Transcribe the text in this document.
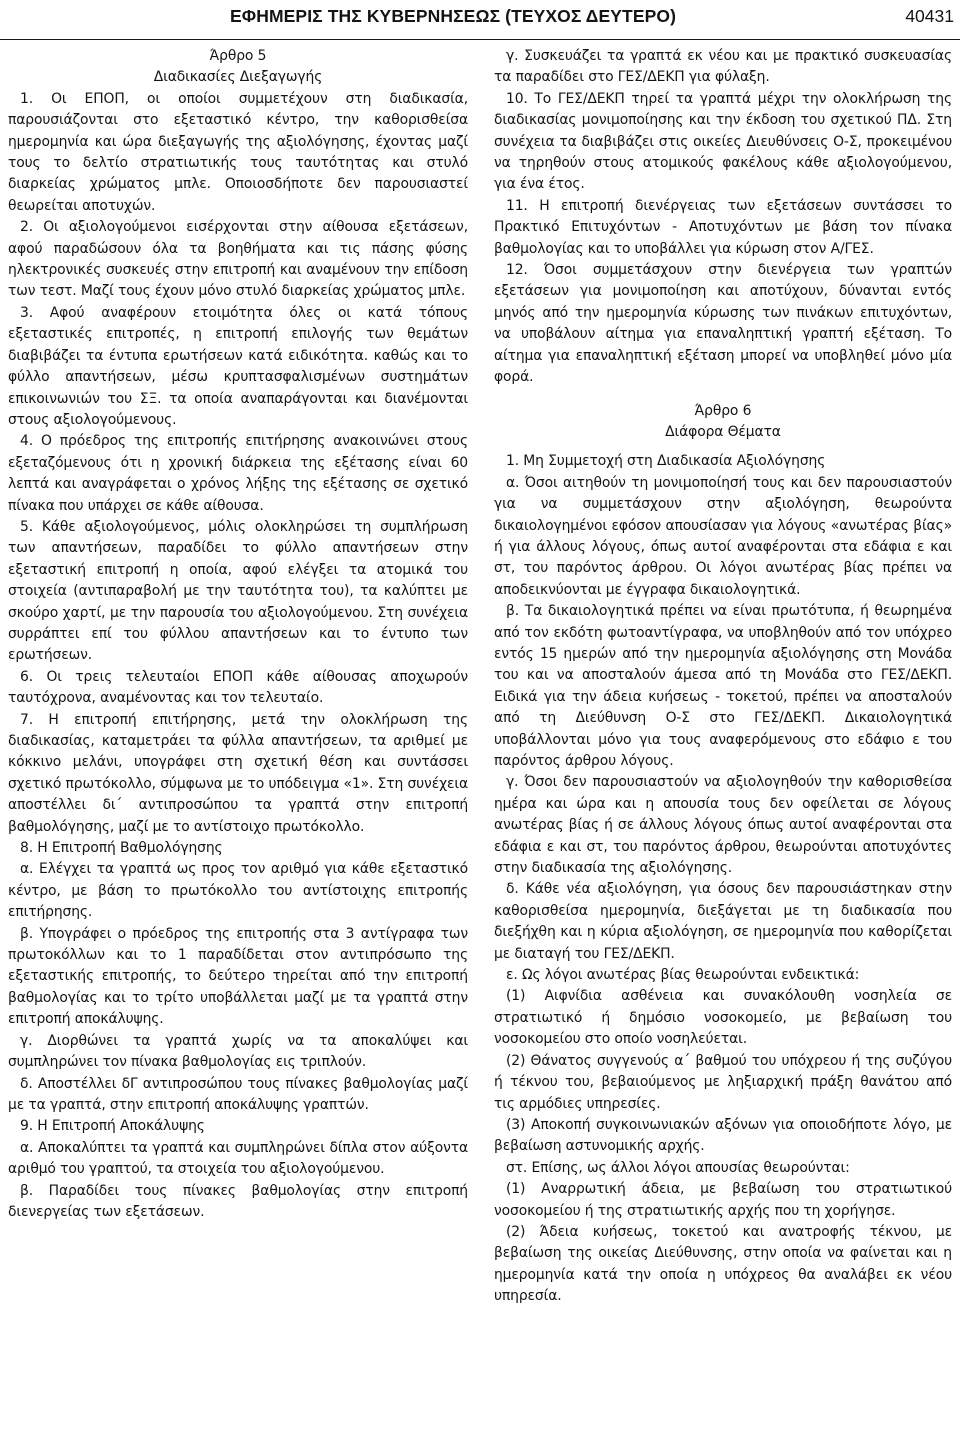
ΕΦΗΜΕΡΙΣ ΤΗΣ ΚΥΒΕΡΝΗΣΕΩΣ (ΤΕΥΧΟΣ ΔΕΥΤΕΡΟ)	40431

Άρθρο 5

Διαδικασίες Διεξαγωγής

1. Οι ΕΠΟΠ, οι οποίοι συμμετέχουν στη διαδικασία, παρουσιάζονται στο εξεταστικό κέντρο, την καθορισθείσα ημερομηνία και ώρα διεξαγωγής της αξιολόγησης, έχοντας μαζί τους το δελτίο στρατιωτικής τους ταυτότητας και στυλό διαρκείας χρώματος μπλε. Οποιοσδήποτε δεν παρουσιαστεί θεωρείται αποτυχών.

2. Οι αξιολογούμενοι εισέρχονται στην αίθουσα εξετάσεων, αφού παραδώσουν όλα τα βοηθήματα και τις πάσης φύσης ηλεκτρονικές συσκευές στην επιτροπή και αναμένουν την επίδοση των τεστ. Μαζί τους έχουν μόνο στυλό διαρκείας χρώματος μπλε.

3. Αφού αναφέρουν ετοιμότητα όλες οι κατά τόπους εξεταστικές επιτροπές, η επιτροπή επιλογής των θεμάτων διαβιβάζει τα έντυπα ερωτήσεων κατά ειδικότητα. καθώς και το φύλλο απαντήσεων, μέσω κρυπτασφαλισμένων συστημάτων επικοινωνιών του ΣΞ. τα οποία αναπαράγονται και διανέμονται στους αξιολογούμενους.

4. Ο πρόεδρος της επιτροπής επιτήρησης ανακοινώνει στους εξεταζόμενους ότι η χρονική διάρκεια της εξέτασης είναι 60 λεπτά και αναγράφεται ο χρόνος λήξης της εξέτασης σε σχετικό πίνακα που υπάρχει σε κάθε αίθουσα.

5. Κάθε αξιολογούμενος, μόλις ολοκληρώσει τη συμπλήρωση των απαντήσεων, παραδίδει το φύλλο απαντήσεων στην εξεταστική επιτροπή η οποία, αφού ελέγξει τα ατομικά του στοιχεία (αντιπαραβολή με την ταυτότητα του), τα καλύπτει με σκούρο χαρτί, με την παρουσία του αξιολογούμενου. Στη συνέχεια συρράπτει επί του φύλλου απαντήσεων και το έντυπο των ερωτήσεων.

6. Οι τρεις τελευταίοι ΕΠΟΠ κάθε αίθουσας αποχωρούν ταυτόχρονα, αναμένοντας και τον τελευταίο.

7. Η επιτροπή επιτήρησης, μετά την ολοκλήρωση της διαδικασίας, καταμετράει τα φύλλα απαντήσεων, τα αριθμεί με κόκκινο μελάνι, υπογράφει στη σχετική θέση και συντάσσει σχετικό πρωτόκολλο, σύμφωνα με το υπόδειγμα «1». Στη συνέχεια αποστέλλει δι΄ αντιπροσώπου τα γραπτά στην επιτροπή βαθμολόγησης, μαζί με το αντίστοιχο πρωτόκολλο.

8. Η Επιτροπή Βαθμολόγησης

α. Ελέγχει τα γραπτά ως προς τον αριθμό για κάθε εξεταστικό κέντρο, με βάση το πρωτόκολλο του αντίστοιχης επιτροπής επιτήρησης.

β. Υπογράφει ο πρόεδρος της επιτροπής στα 3 αντίγραφα των πρωτοκόλλων και το 1 παραδίδεται στον αντιπρόσωπο της εξεταστικής επιτροπής, το δεύτερο τηρείται από την επιτροπή βαθμολογίας και το τρίτο υποβάλλεται μαζί με τα γραπτά στην επιτροπή αποκάλυψης.

γ. Διορθώνει τα γραπτά χωρίς να τα αποκαλύψει και συμπληρώνει τον πίνακα βαθμολογίας εις τριπλούν.

δ. Αποστέλλει δΓ αντιπροσώπου τους πίνακες βαθμολογίας μαζί με τα γραπτά, στην επιτροπή αποκάλυψης γραπτών.

9. Η Επιτροπή Αποκάλυψης

α. Αποκαλύπτει τα γραπτά και συμπληρώνει δίπλα στον αύξοντα αριθμό του γραπτού, τα στοιχεία του αξιολογούμενου.

β. Παραδίδει τους πίνακες βαθμολογίας στην επιτροπή διενεργείας των εξετάσεων.

γ. Συσκευάζει τα γραπτά εκ νέου και με πρακτικό συσκευασίας τα παραδίδει στο ΓΕΣ/ΔΕΚΠ για φύλαξη.

10. Το ΓΕΣ/ΔΕΚΠ τηρεί τα γραπτά μέχρι την ολοκλήρωση της διαδικασίας μονιμοποίησης και την έκδοση του σχετικού ΠΔ. Στη συνέχεια τα διαβιβάζει στις οικείες Διευθύνσεις Ο-Σ, προκειμένου να τηρηθούν στους ατομικούς φακέλους κάθε αξιολογούμενου, για ένα έτος.

11. Η επιτροπή διενέργειας των εξετάσεων συντάσσει το Πρακτικό Επιτυχόντων - Αποτυχόντων με βάση τον πίνακα βαθμολογίας και το υποβάλλει για κύρωση στον Α/ΓΕΣ.

12. Όσοι συμμετάσχουν στην διενέργεια των γραπτών εξετάσεων για μονιμοποίηση και αποτύχουν, δύνανται εντός μηνός από την ημερομηνία κύρωσης των πινάκων επιτυχόντων, να υποβάλουν αίτημα για επαναληπτική γραπτή εξέταση. Το αίτημα για επαναληπτική εξέταση μπορεί να υποβληθεί μόνο μία φορά.

Άρθρο 6

Διάφορα Θέματα

1. Μη Συμμετοχή στη Διαδικασία Αξιολόγησης

α. Όσοι αιτηθούν τη μονιμοποίησή τους και δεν παρουσιαστούν για να συμμετάσχουν στην αξιολόγηση, θεωρούντα δικαιολογημένοι εφόσον απουσίασαν για λόγους «ανωτέρας βίας» ή για άλλους λόγους, όπως αυτοί αναφέρονται στα εδάφια ε και στ, του παρόντος άρθρου. Οι λόγοι ανωτέρας βίας πρέπει να αποδεικνύονται με έγγραφα δικαιολογητικά.

β. Τα δικαιολογητικά πρέπει να είναι πρωτότυπα, ή θεωρημένα από τον εκδότη φωτοαντίγραφα, να υποβληθούν από τον υπόχρεο εντός 15 ημερών από την ημερομηνία αξιολόγησης στη Μονάδα του και να αποσταλούν άμεσα από τη Μονάδα στο ΓΕΣ/ΔΕΚΠ. Ειδικά για την άδεια κυήσεως - τοκετού, πρέπει να αποσταλούν από τη Διεύθυνση Ο-Σ στο ΓΕΣ/ΔΕΚΠ. Δικαιολογητικά υποβάλλονται μόνο για τους αναφερόμενους στο εδάφιο ε του παρόντος άρθρου λόγους.

γ. Όσοι δεν παρουσιαστούν να αξιολογηθούν την καθορισθείσα ημέρα και ώρα και η απουσία τους δεν οφείλεται σε λόγους ανωτέρας βίας ή σε άλλους λόγους όπως αυτοί αναφέρονται στα εδάφια ε και στ, του παρόντος άρθρου, θεωρούνται αποτυχόντες στην διαδικασία της αξιολόγησης.

δ. Κάθε νέα αξιολόγηση, για όσους δεν παρουσιάστηκαν στην καθορισθείσα ημερομηνία, διεξάγεται με τη διαδικασία που διεξήχθη και η κύρια αξιολόγηση, σε ημερομηνία που καθορίζεται με διαταγή του ΓΕΣ/ΔΕΚΠ.

ε. Ως λόγοι ανωτέρας βίας θεωρούνται ενδεικτικά:

(1) Αιφνίδια ασθένεια και συνακόλουθη νοσηλεία σε στρατιωτικό ή δημόσιο νοσοκομείο, με βεβαίωση του νοσοκομείου στο οποίο νοσηλεύεται.

(2) Θάνατος συγγενούς α΄ βαθμού του υπόχρεου ή της συζύγου ή τέκνου του, βεβαιούμενος με ληξιαρχική πράξη θανάτου από τις αρμόδιες υπηρεσίες.

(3) Αποκοπή συγκοινωνιακών αξόνων για οποιοδήποτε λόγο, με βεβαίωση αστυνομικής αρχής.

στ. Επίσης, ως άλλοι λόγοι απουσίας θεωρούνται:

(1) Αναρρωτική άδεια, με βεβαίωση του στρατιωτικού νοσοκομείου ή της στρατιωτικής αρχής που τη χορήγησε.

(2) Άδεια κυήσεως, τοκετού και ανατροφής τέκνου, με βεβαίωση της οικείας Διεύθυνσης, στην οποία να φαίνεται και η ημερομηνία κατά την οποία η υπόχρεος θα αναλάβει εκ νέου υπηρεσία.
